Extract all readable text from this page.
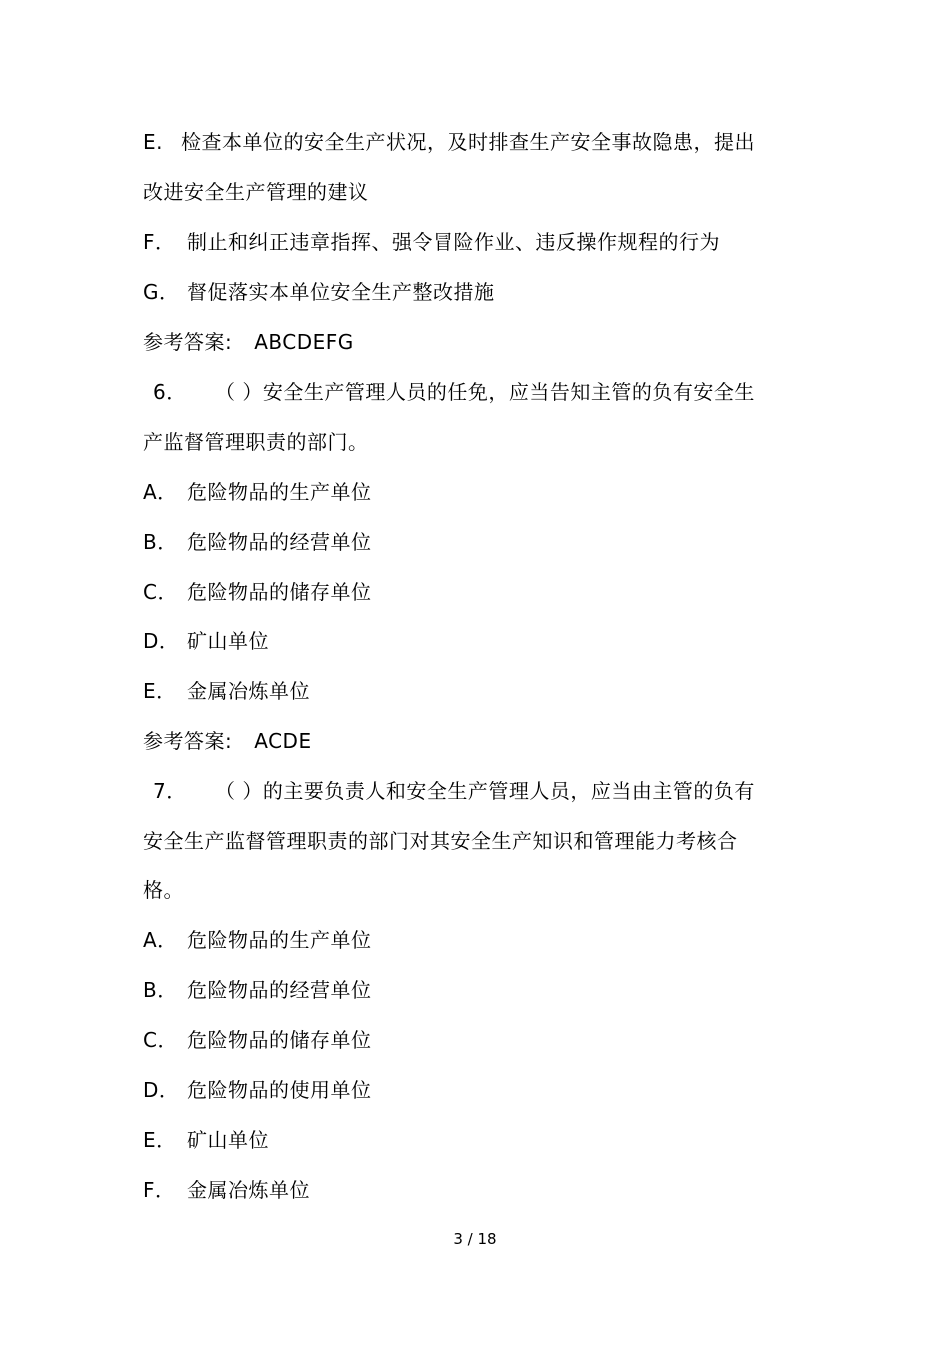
E. 检查本单位的安全生产状况，及时排查生产安全事故隐患，提出
改进安全生产管理的建议
F． 制止和纠正违章指挥、强令冒险作业、违反操作规程的行为
G． 督促落实本单位安全生产整改措施
参考答案: ABCDEFG
6． （ ）安全生产管理人员的任免，应当告知主管的负有安全生
产监督管理职责的部门。
A． 危险物品的生产单位
B． 危险物品的经营单位
C． 危险物品的储存单位
D． 矿山单位
E． 金属冶炼单位
参考答案: ACDE
7． （ ）的主要负责人和安全生产管理人员，应当由主管的负有
安全生产监督管理职责的部门对其安全生产知识和管理能力考核合
格。
A． 危险物品的生产单位
B． 危险物品的经营单位
C． 危险物品的储存单位
D． 危险物品的使用单位
E． 矿山单位
F． 金属冶炼单位
3 / 18
